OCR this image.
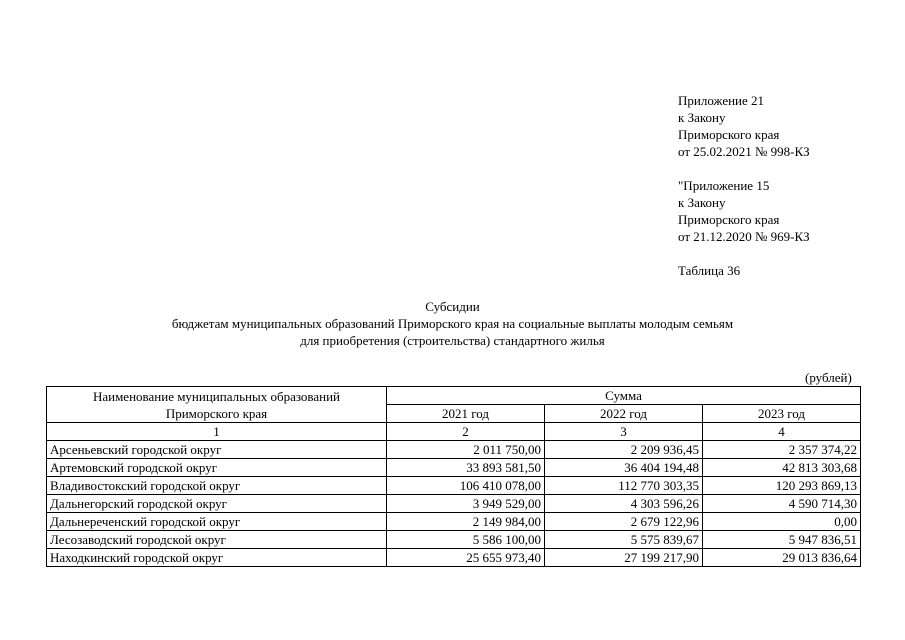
Приложение 21
к Закону
Приморского края
от 25.02.2021 № 998-КЗ
"Приложение 15
к Закону
Приморского края
от 21.12.2020 № 969-КЗ
Таблица 36
Субсидии
бюджетам муниципальных образований Приморского края на социальные выплаты молодым семьям
для приобретения (строительства) стандартного жилья
(рублей)
Наименование муниципальных образований
Приморского края	Сумма		
	2021 год	2022 год	2023 год
1	2	3	4
Арсеньевский городской округ	2 011 750,00	2 209 936,45	2 357 374,22
Артемовский городской округ	33 893 581,50	36 404 194,48	42 813 303,68
Владивостокский городской округ	106 410 078,00	112 770 303,35	120 293 869,13
Дальнегорский городской округ	3 949 529,00	4 303 596,26	4 590 714,30
Дальнереченский городской округ	2 149 984,00	2 679 122,96	0,00
Лесозаводский городской округ	5 586 100,00	5 575 839,67	5 947 836,51
Находкинский городской округ	25 655 973,40	27 199 217,90	29 013 836,64
